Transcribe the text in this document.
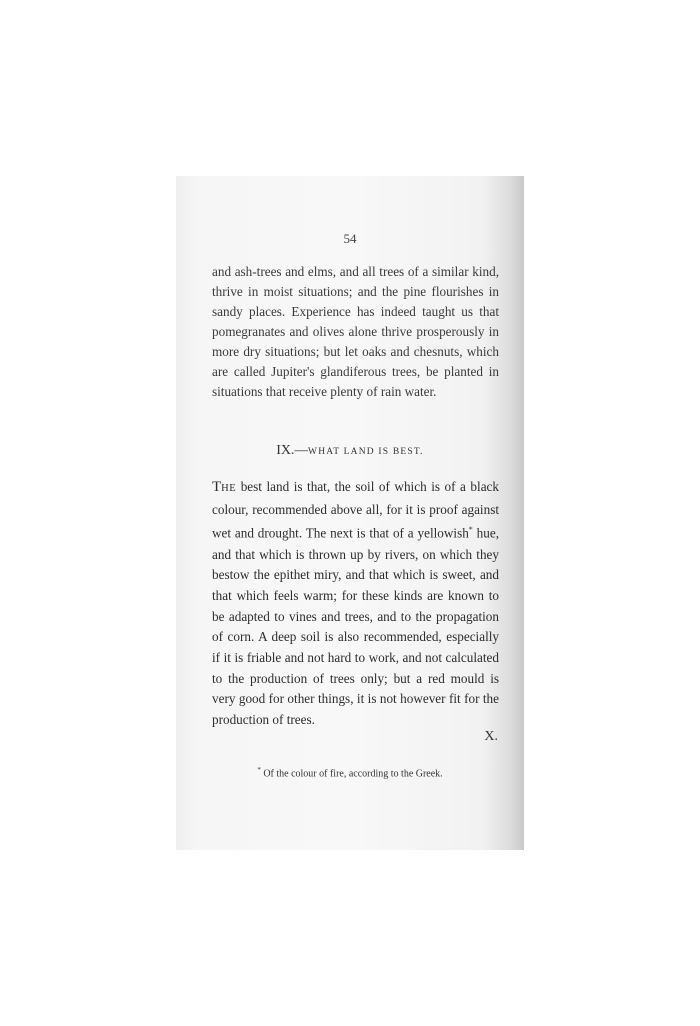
54

and ash-trees and elms, and all trees of a similar kind, thrive in moist situations; and the pine flourishes in sandy places. Experience has indeed taught us that pomegranates and olives alone thrive prosperously in more dry situations; but let oaks and chesnuts, which are called Jupiter's glandiferous trees, be planted in situations that receive plenty of rain water.

IX.—WHAT LAND IS BEST.

THE best land is that, the soil of which is of a black colour, recommended above all, for it is proof against wet and drought. The next is that of a yellowish* hue, and that which is thrown up by rivers, on which they bestow the epithet miry, and that which is sweet, and that which feels warm; for these kinds are known to be adapted to vines and trees, and to the propagation of corn. A deep soil is also recommended, especially if it is friable and not hard to work, and not calculated to the production of trees only; but a red mould is very good for other things, it is not however fit for the production of trees.

X.
* Of the colour of fire, according to the Greek.
